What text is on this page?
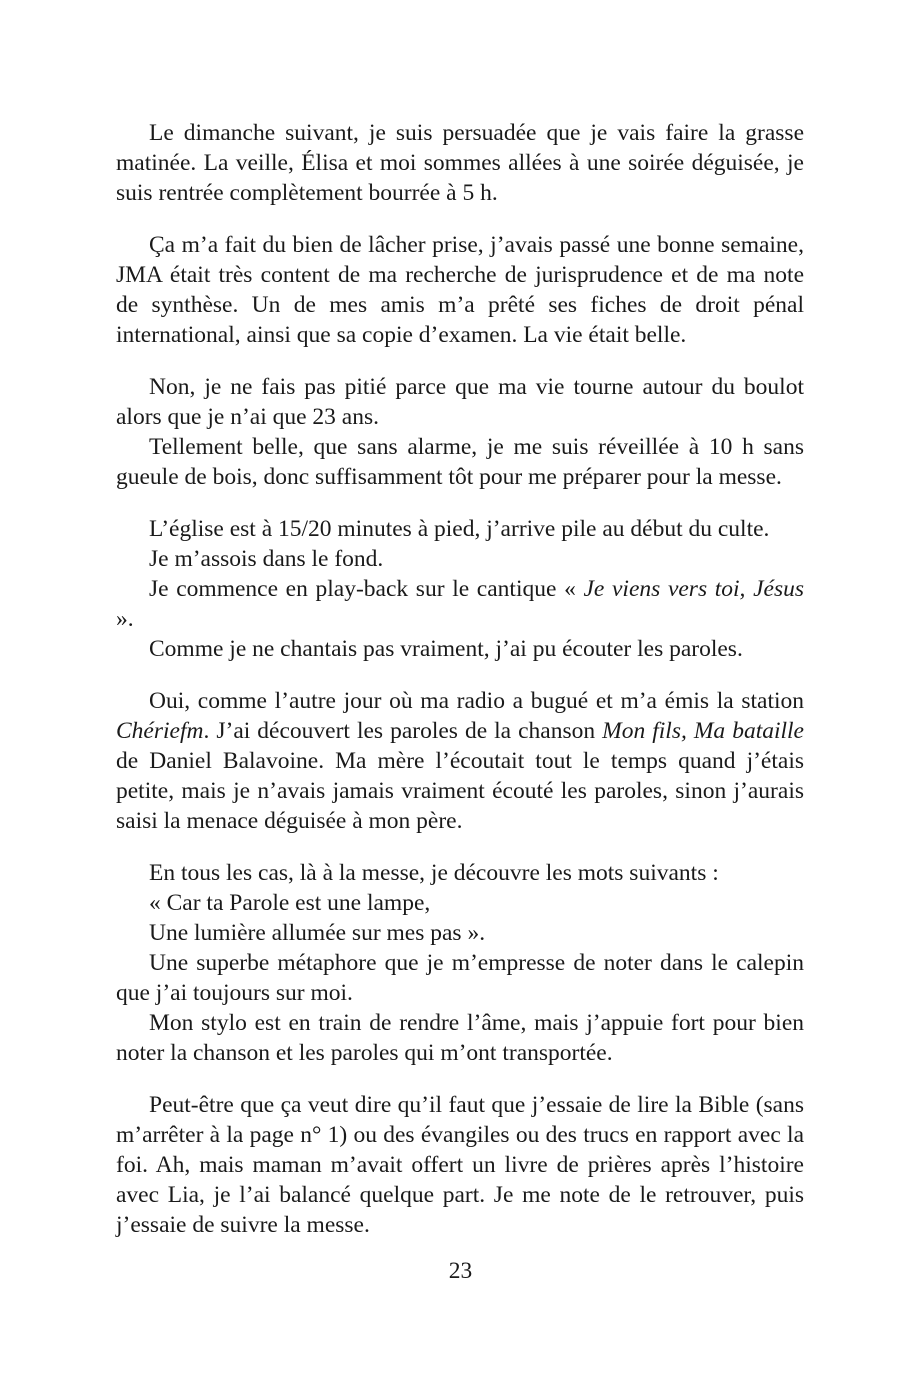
Le dimanche suivant, je suis persuadée que je vais faire la grasse matinée. La veille, Élisa et moi sommes allées à une soirée déguisée, je suis rentrée complètement bourrée à 5 h.

Ça m’a fait du bien de lâcher prise, j’avais passé une bonne semaine, JMA était très content de ma recherche de jurisprudence et de ma note de synthèse. Un de mes amis m’a prêté ses fiches de droit pénal international, ainsi que sa copie d’examen. La vie était belle.

Non, je ne fais pas pitié parce que ma vie tourne autour du boulot alors que je n’ai que 23 ans.

Tellement belle, que sans alarme, je me suis réveillée à 10 h sans gueule de bois, donc suffisamment tôt pour me préparer pour la messe.

L’église est à 15/20 minutes à pied, j’arrive pile au début du culte.

Je m’assois dans le fond.

Je commence en play-back sur le cantique « Je viens vers toi, Jésus ».

Comme je ne chantais pas vraiment, j’ai pu écouter les paroles.

Oui, comme l’autre jour où ma radio a bugué et m’a émis la station Chériefm. J’ai découvert les paroles de la chanson Mon fils, Ma bataille de Daniel Balavoine. Ma mère l’écoutait tout le temps quand j’étais petite, mais je n’avais jamais vraiment écouté les paroles, sinon j’aurais saisi la menace déguisée à mon père.

En tous les cas, là à la messe, je découvre les mots suivants :

« Car ta Parole est une lampe,

Une lumière allumée sur mes pas ».

Une superbe métaphore que je m’empresse de noter dans le calepin que j’ai toujours sur moi.

Mon stylo est en train de rendre l’âme, mais j’appuie fort pour bien noter la chanson et les paroles qui m’ont transportée.

Peut-être que ça veut dire qu’il faut que j’essaie de lire la Bible (sans m’arrêter à la page n° 1) ou des évangiles ou des trucs en rapport avec la foi. Ah, mais maman m’avait offert un livre de prières après l’histoire avec Lia, je l’ai balancé quelque part. Je me note de le retrouver, puis j’essaie de suivre la messe.

23
